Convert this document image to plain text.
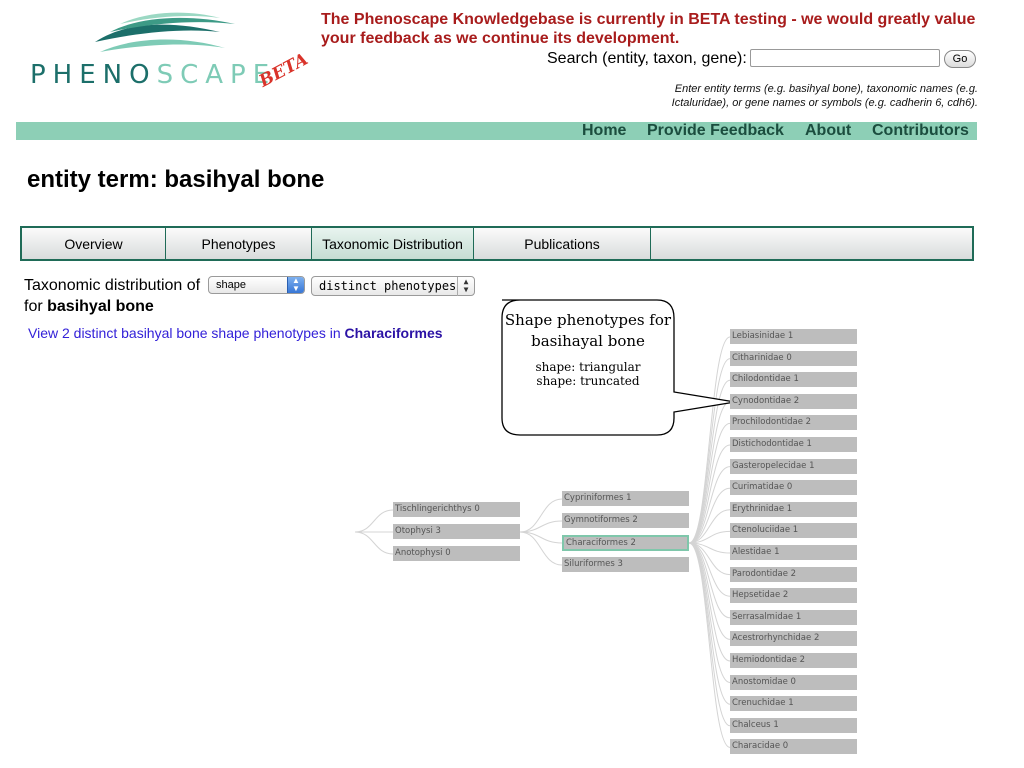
PHENOSCAPE
BETA
The Phenoscape Knowledgebase is currently in BETA testing - we would greatly value your feedback as we continue its development.
Search (entity, taxon, gene):	Go
Enter entity terms (e.g. basihyal bone), taxonomic names (e.g. Ictaluridae), or gene names or symbols (e.g. cadherin 6, cdh6).
Home Provide Feedback About Contributors
entity term: basihyal bone
Overview	Phenotypes	Taxonomic Distribution	Publications
Taxonomic distribution of
for basihyal bone
shape	▲
▼	distinct phenotypes ▲
▼
View 2 distinct basihyal bone shape phenotypes in Characiformes
Tischlingerichthys 0
Otophysi 3
Anotophysi 0
Cypriniformes 1
Gymnotiformes 2
Characiformes 2
Siluriformes 3
Lebiasinidae 1
Citharinidae 0
Chilodontidae 1
Cynodontidae 2
Prochilodontidae 2
Distichodontidae 1
Gasteropelecidae 1
Curimatidae 0
Erythrinidae 1
Ctenoluciidae 1
Alestidae 1
Parodontidae 2
Hepsetidae 2
Serrasalmidae 1
Acestrorhynchidae 2
Hemiodontidae 2
Anostomidae 0
Crenuchidae 1
Chalceus 1
Characidae 0
Shape phenotypes for
basihayal bone
shape: triangular
shape: truncated
